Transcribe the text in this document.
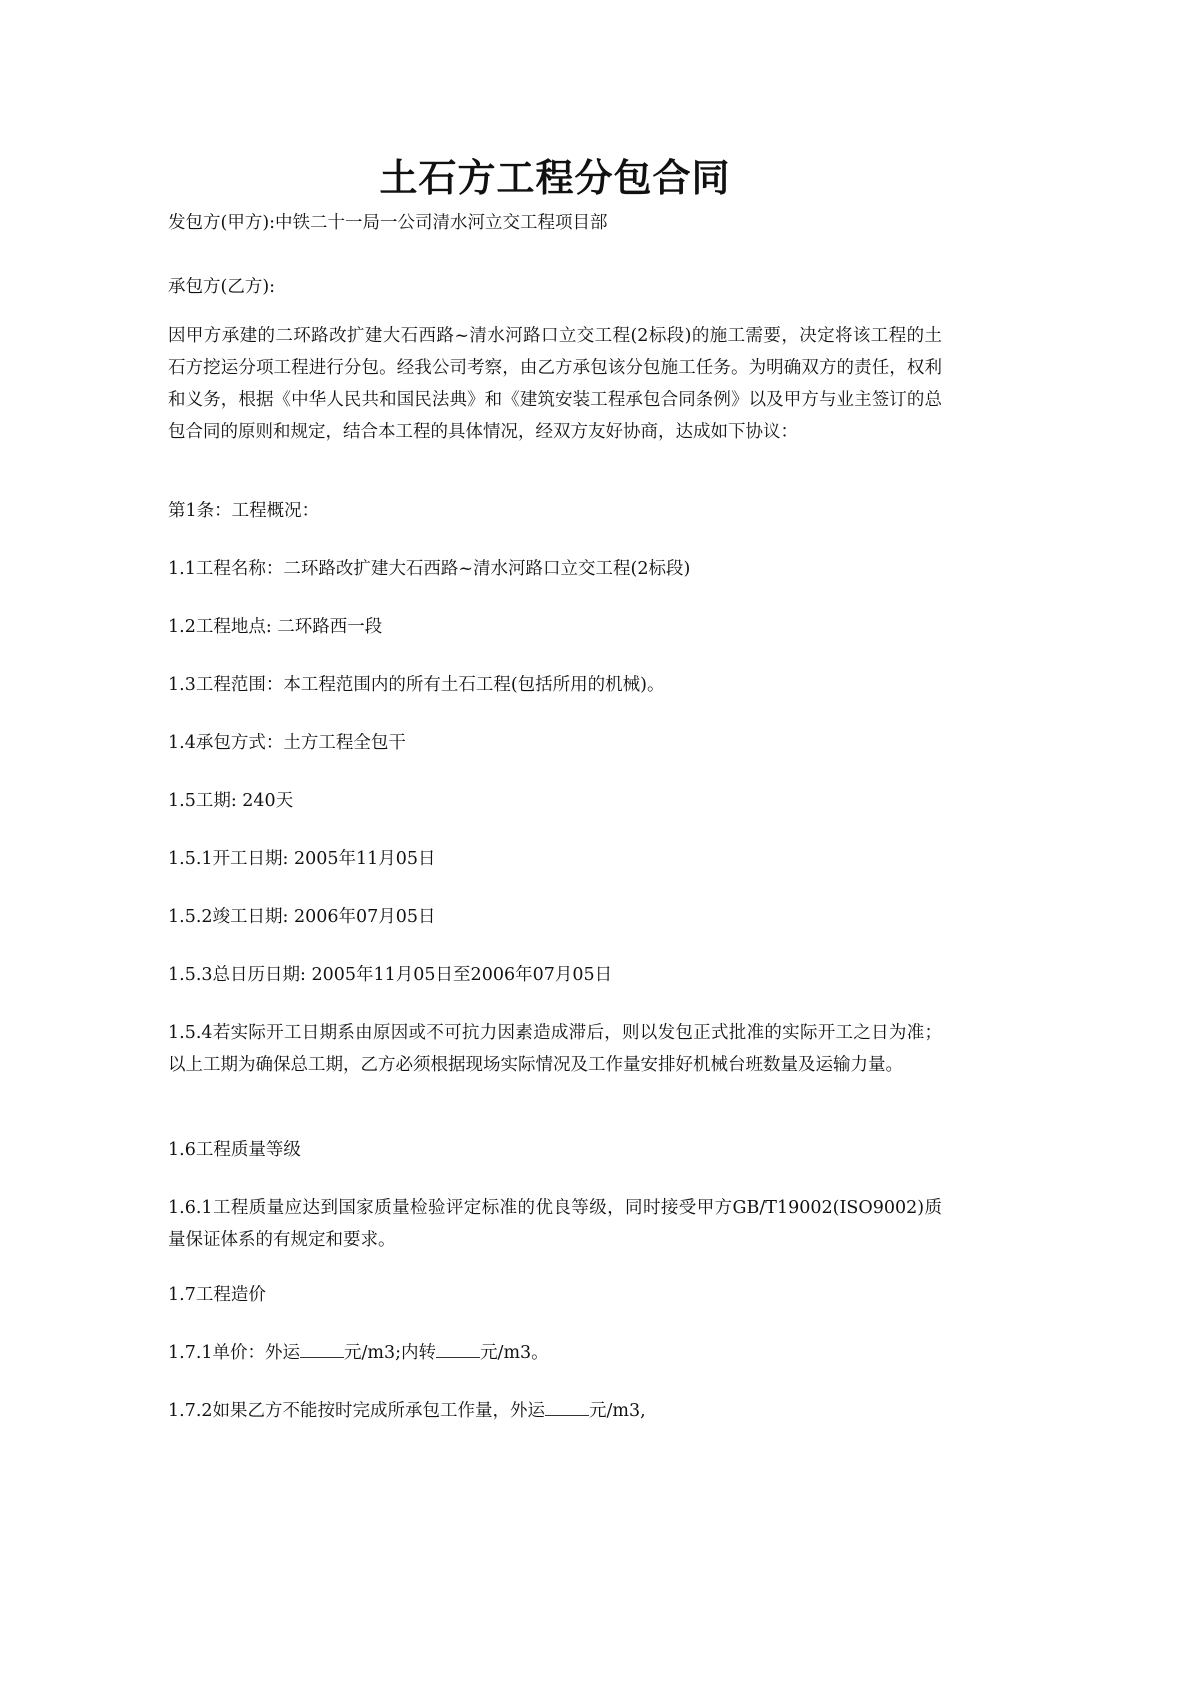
土石方工程分包合同

发包方(甲方):中铁二十一局一公司清水河立交工程项目部

承包方(乙方):

因甲方承建的二环路改扩建大石西路~清水河路口立交工程(2标段)的施工需要，决定将该工程的土石方挖运分项工程进行分包。经我公司考察，由乙方承包该分包施工任务。为明确双方的责任，权利和义务，根据《中华人民共和国民法典》和《建筑安装工程承包合同条例》以及甲方与业主签订的总包合同的原则和规定，结合本工程的具体情况，经双方友好协商，达成如下协议：

第1条：工程概况：

1.1工程名称：二环路改扩建大石西路~清水河路口立交工程(2标段)

1.2工程地点: 二环路西一段

1.3工程范围：本工程范围内的所有土石工程(包括所用的机械)。

1.4承包方式：土方工程全包干

1.5工期: 240天

1.5.1开工日期: 2005年11月05日

1.5.2竣工日期: 2006年07月05日

1.5.3总日历日期: 2005年11月05日至2006年07月05日

1.5.4若实际开工日期系由原因或不可抗力因素造成滞后，则以发包正式批准的实际开工之日为准；以上工期为确保总工期，乙方必须根据现场实际情况及工作量安排好机械台班数量及运输力量。

1.6工程质量等级

1.6.1工程质量应达到国家质量检验评定标准的优良等级，同时接受甲方GB/T19002(ISO9002)质量保证体系的有规定和要求。

1.7工程造价

1.7.1单价：外运	元/m3;内转	元/m3。

1.7.2如果乙方不能按时完成所承包工作量，外运	元/m3,
